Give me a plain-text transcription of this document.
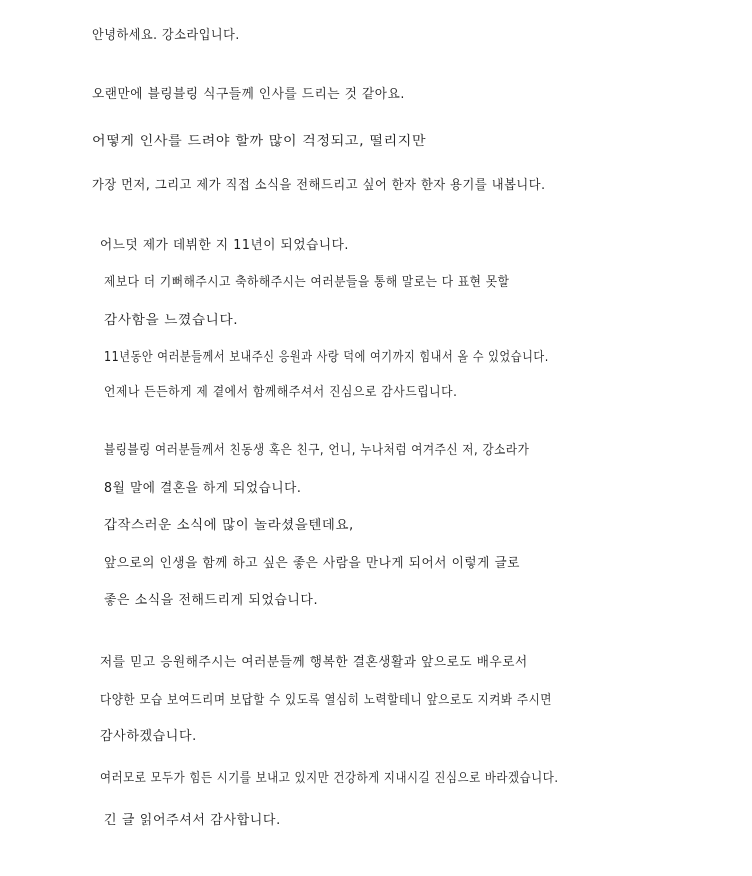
안녕하세요. 강소라입니다.
오랜만에 블링블링 식구들께 인사를 드리는 것 같아요.
어떻게 인사를 드려야 할까 많이 걱정되고, 떨리지만
가장 먼저, 그리고 제가 직접 소식을 전해드리고 싶어 한자 한자 용기를 내봅니다.
어느덧 제가 데뷔한 지 11년이 되었습니다.
제보다 더 기뻐해주시고 축하해주시는 여러분들을 통해 말로는 다 표현 못할
감사함을 느꼈습니다.
11년동안 여러분들께서 보내주신 응원과 사랑 덕에 여기까지 힘내서 올 수 있었습니다.
언제나 든든하게 제 곁에서 함께해주셔서 진심으로 감사드립니다.
블링블링 여러분들께서 친동생 혹은 친구, 언니, 누나처럼 여겨주신 저, 강소라가
8월 말에 결혼을 하게 되었습니다.
갑작스러운 소식에 많이 놀라셨을텐데요,
앞으로의 인생을 함께 하고 싶은 좋은 사람을 만나게 되어서 이렇게 글로
좋은 소식을 전해드리게 되었습니다.
저를 믿고 응원해주시는 여러분들께 행복한 결혼생활과 앞으로도 배우로서
다양한 모습 보여드리며 보답할 수 있도록 열심히 노력할테니 앞으로도 지켜봐 주시면
감사하겠습니다.
여러모로 모두가 힘든 시기를 보내고 있지만 건강하게 지내시길 진심으로 바라겠습니다.
긴 글 읽어주셔서 감사합니다.
